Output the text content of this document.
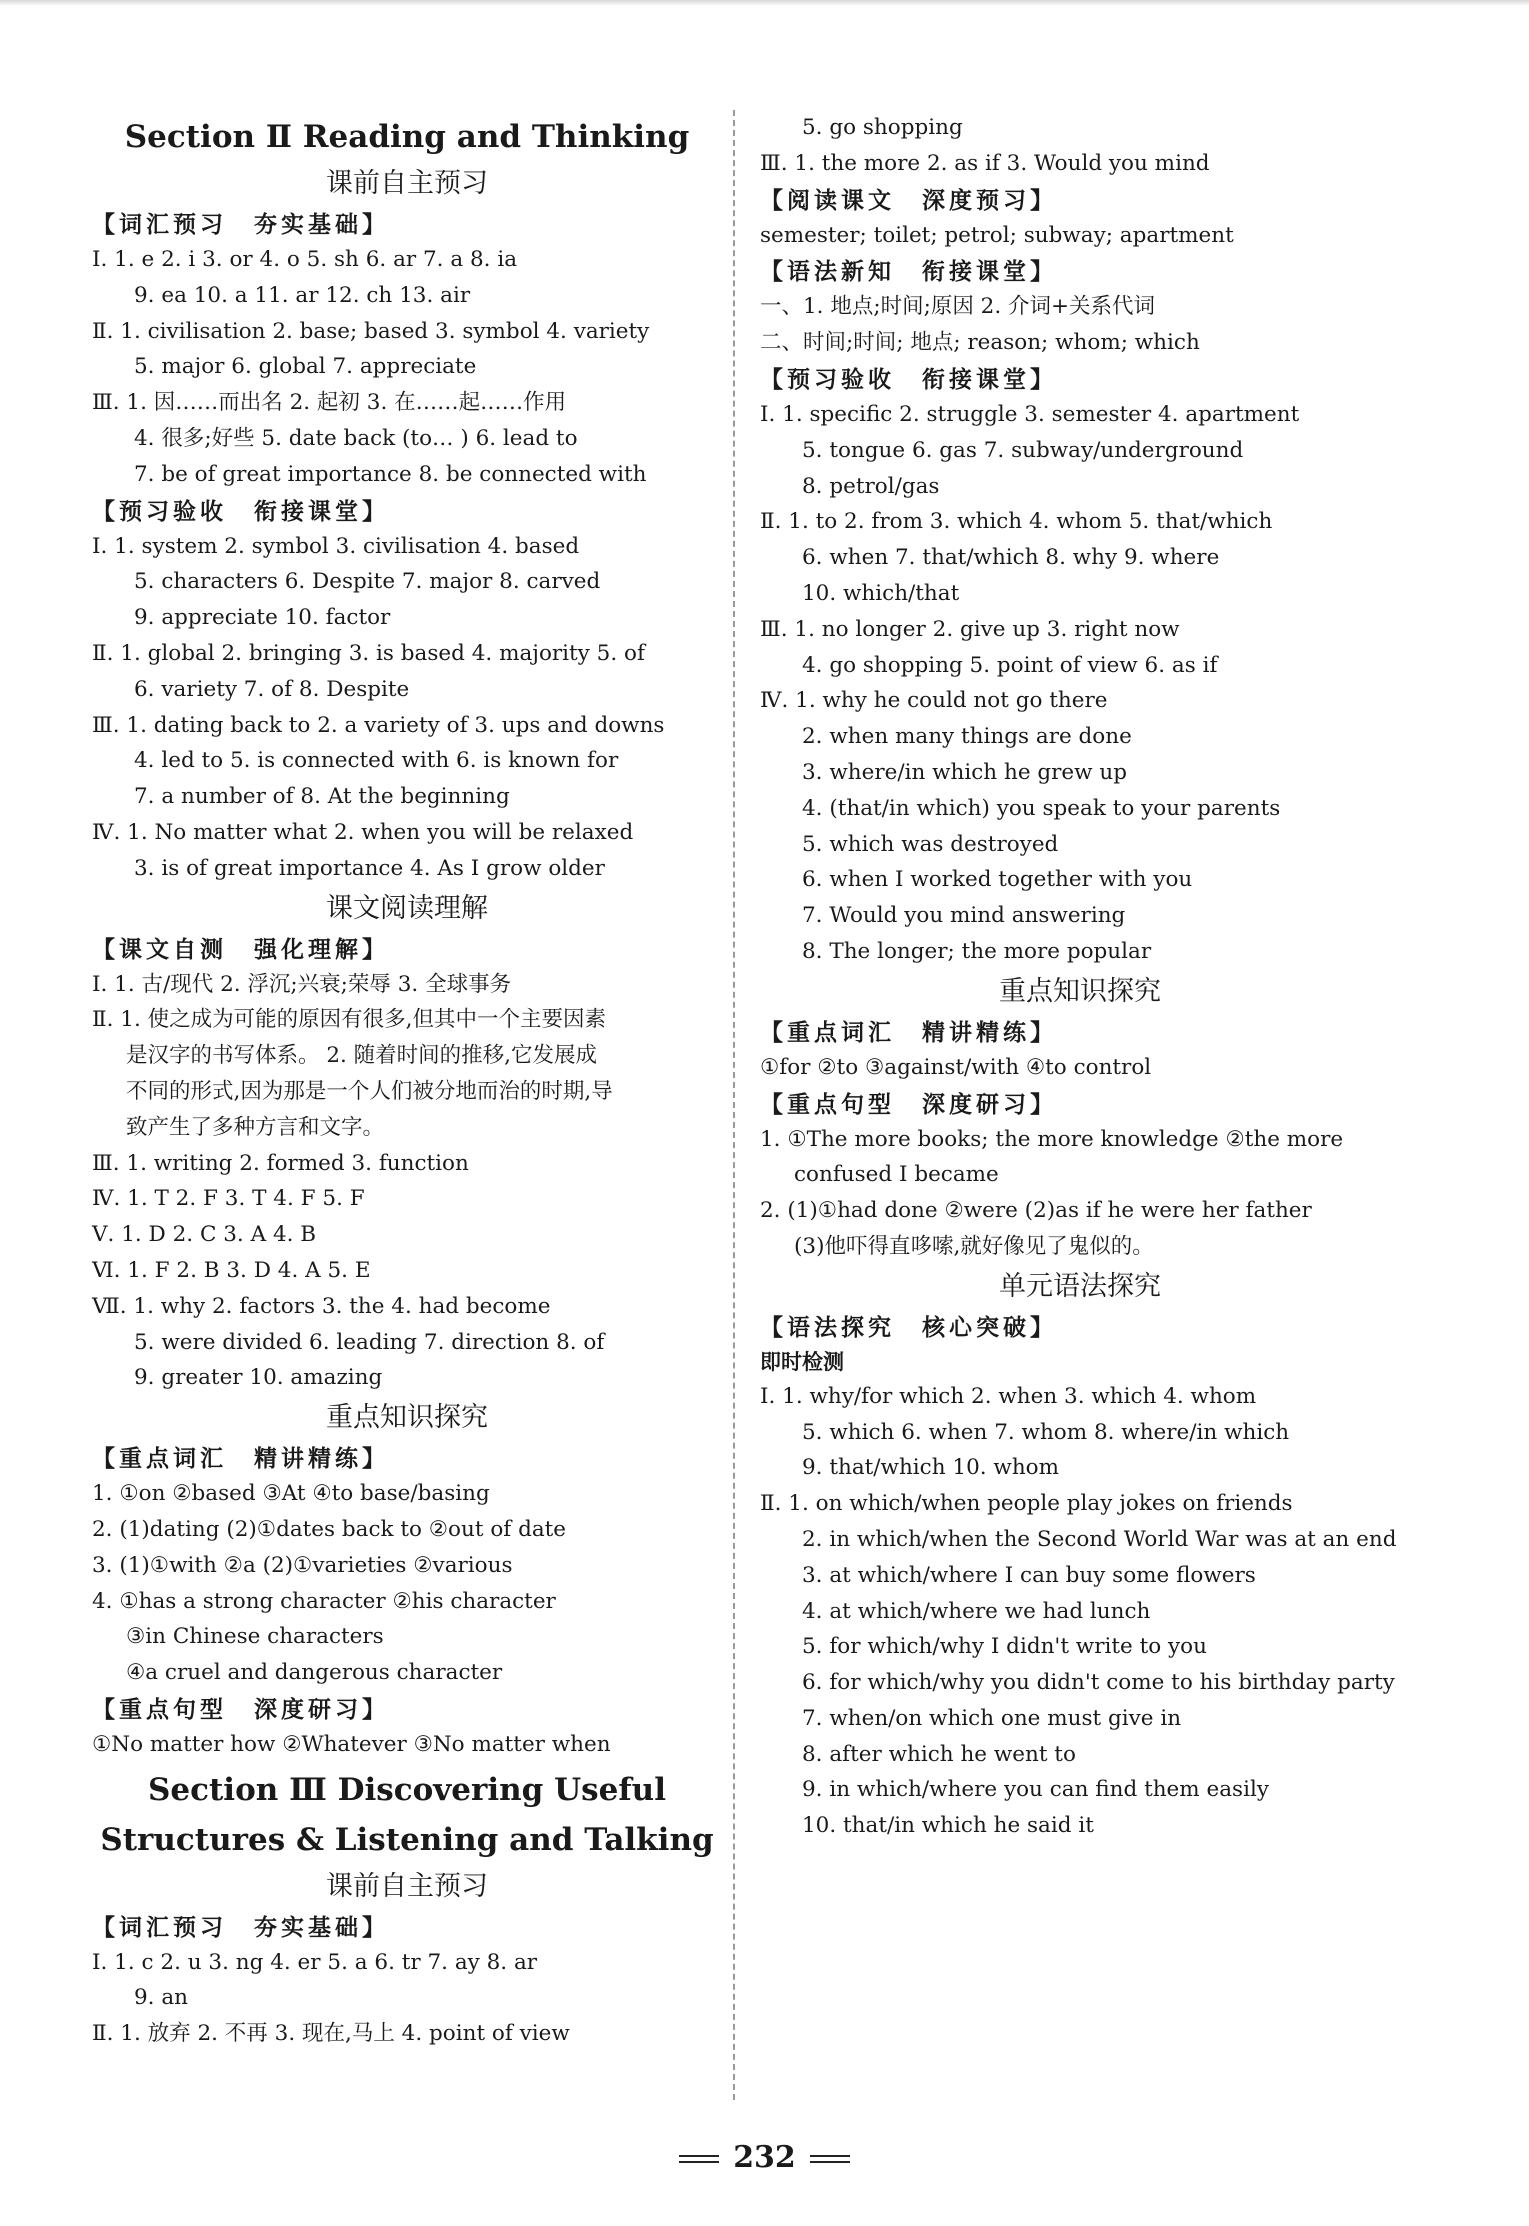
Section Ⅱ Reading and Thinking
课前自主预习
【词汇预习　夯实基础】
Ⅰ. 1. e 2. i 3. or 4. o 5. sh 6. ar 7. a 8. ia
9. ea 10. a 11. ar 12. ch 13. air
Ⅱ. 1. civilisation 2. base; based 3. symbol 4. variety
5. major 6. global 7. appreciate
Ⅲ. 1. 因……而出名 2. 起初 3. 在……起……作用
4. 很多;好些 5. date back (to… ) 6. lead to
7. be of great importance 8. be connected with
【预习验收　衔接课堂】
Ⅰ. 1. system 2. symbol 3. civilisation 4. based
5. characters 6. Despite 7. major 8. carved
9. appreciate 10. factor
Ⅱ. 1. global 2. bringing 3. is based 4. majority 5. of
6. variety 7. of 8. Despite
Ⅲ. 1. dating back to 2. a variety of 3. ups and downs
4. led to 5. is connected with 6. is known for
7. a number of 8. At the beginning
Ⅳ. 1. No matter what 2. when you will be relaxed
3. is of great importance 4. As I grow older
课文阅读理解
【课文自测　强化理解】
Ⅰ. 1. 古/现代 2. 浮沉;兴衰;荣辱 3. 全球事务
Ⅱ. 1. 使之成为可能的原因有很多,但其中一个主要因素
是汉字的书写体系。 2. 随着时间的推移,它发展成
不同的形式,因为那是一个人们被分地而治的时期,导
致产生了多种方言和文字。
Ⅲ. 1. writing 2. formed 3. function
Ⅳ. 1. T 2. F 3. T 4. F 5. F
Ⅴ. 1. D 2. C 3. A 4. B
Ⅵ. 1. F 2. B 3. D 4. A 5. E
Ⅶ. 1. why 2. factors 3. the 4. had become
5. were divided 6. leading 7. direction 8. of
9. greater 10. amazing
重点知识探究
【重点词汇　精讲精练】
1. ①on ②based ③At ④to base/basing
2. (1)dating (2)①dates back to ②out of date
3. (1)①with ②a (2)①varieties ②various
4. ①has a strong character ②his character
③in Chinese characters
④a cruel and dangerous character
【重点句型　深度研习】
①No matter how ②Whatever ③No matter when
Section Ⅲ Discovering Useful
Structures & Listening and Talking
课前自主预习
【词汇预习　夯实基础】
Ⅰ. 1. c 2. u 3. ng 4. er 5. a 6. tr 7. ay 8. ar
9. an
Ⅱ. 1. 放弃 2. 不再 3. 现在,马上 4. point of view
5. go shopping
Ⅲ. 1. the more 2. as if 3. Would you mind
【阅读课文　深度预习】
semester; toilet; petrol; subway; apartment
【语法新知　衔接课堂】
一、1. 地点;时间;原因 2. 介词+关系代词
二、时间;时间; 地点; reason; whom; which
【预习验收　衔接课堂】
Ⅰ. 1. specific 2. struggle 3. semester 4. apartment
5. tongue 6. gas 7. subway/underground
8. petrol/gas
Ⅱ. 1. to 2. from 3. which 4. whom 5. that/which
6. when 7. that/which 8. why 9. where
10. which/that
Ⅲ. 1. no longer 2. give up 3. right now
4. go shopping 5. point of view 6. as if
Ⅳ. 1. why he could not go there
2. when many things are done
3. where/in which he grew up
4. (that/in which) you speak to your parents
5. which was destroyed
6. when I worked together with you
7. Would you mind answering
8. The longer; the more popular
重点知识探究
【重点词汇　精讲精练】
①for ②to ③against/with ④to control
【重点句型　深度研习】
1. ①The more books; the more knowledge ②the more
confused I became
2. (1)①had done ②were (2)as if he were her father
(3)他吓得直哆嗦,就好像见了鬼似的。
单元语法探究
【语法探究　核心突破】
即时检测
Ⅰ. 1. why/for which 2. when 3. which 4. whom
5. which 6. when 7. whom 8. where/in which
9. that/which 10. whom
Ⅱ. 1. on which/when people play jokes on friends
2. in which/when the Second World War was at an end
3. at which/where I can buy some flowers
4. at which/where we had lunch
5. for which/why I didn't write to you
6. for which/why you didn't come to his birthday party
7. when/on which one must give in
8. after which he went to
9. in which/where you can find them easily
10. that/in which he said it
232
